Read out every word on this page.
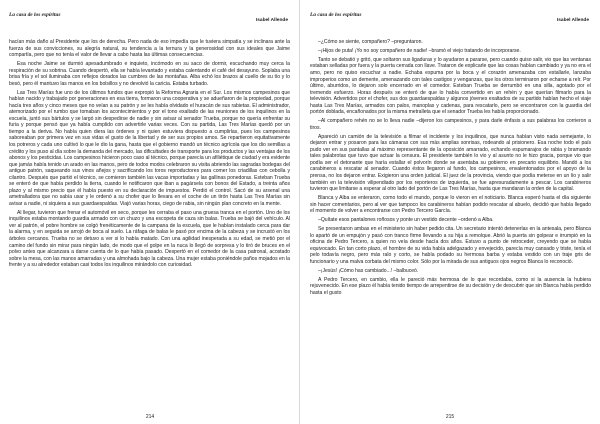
La casa de los espíritus
Isabel Allende

hacían más daño al Presidente que los de derecha. Pero nada de eso impedía que le tuviera simpatía y se inclinara ante la fuerza de sus convicciones, su alegría natural, su tendencia a la ternura y la generosidad con sus ideales que Jaime compartía, pero que no tenía el valor de llevar a cabo hasta las últimas consecuencias.

Esa noche Jaime se durmió apesadumbrado e inquieto, incómodo en su saco de dormir, escuchando muy cerca la respiración de su sobrina. Cuando despertó, ella se había levantado y estaba calentando el café del desayuno. Soplaba una brisa fría y el sol iluminaba con reflejos dorados las cumbres de las montañas. Alba echó los brazos al cuello de su tío y lo besó, pero él mantuvo las manos en los bolsillos y no devolvió la caricia. Estaba turbado.

Las Tres Marías fue uno de los últimos fundos que expropió la Reforma Agraria en el Sur. Los mismos campesinos que habían nacido y trabajado por generaciones en esa tierra, formaron una cooperativa y se adueñaron de la propiedad, porque hacía tres años y cinco meses que no veían a su patrón y se les había olvidado el huracán de sus rabietas. El administrador, atemorizado por el rumbo que tomaban los acontecimientos y por el tono exaltado de las reuniones de los inquilinos en la escuela, juntó sus bártulos y se largó sin despedirse de nadie y sin avisar al senador Trueba, porque no quería enfrentar su furia y porque pensó que ya había cumplido con advertirle varias veces. Con su partida, Las Tres Marías quedó por un tiempo a la deriva. No había quien diera las órdenes y ni quien estuviera dispuesto a cumplirlas, pues los campesinos saboreaban por primera vez en sus vidas el gusto de la libertad y de ser sus propios amos. Se repartieron equitativamente los potreros y cada uno cultivó lo que le dio la gana, hasta que el gobierno mandó un técnico agrícola que los dio semillas a crédito y los puso al día sobre la demanda del mercado, las dificultades de transporte para los productos y las ventajas de los abonos y los pesticidas. Los campesinos hicieron poco caso al técnico, porque parecía un afiliétique de ciudad y era evidente que jamás había tenido un arado en las manos, pero de todos modos celebraron su visita abriendo las sagradas bodegas del antiguo patrón, saqueando sus vinos añejos y sacrificando los toros reproductores para comer los criadillas con cebolla y cilantro. Después que partió el técnico, se comieron también las vacas importadas y las gallinas ponedoras. Esteban Trueba se enteró de que había perdido la tierra, cuando le notificaron que iban a pagársela con bonos del Estado, a treinta años plazo y al mismo precio que él había puesto en su declaración de impuestos. Perdió el control. Sacó de su arsenal una ametralladora que no sabía usar y le ordenó a su chofer que lo llevara en el coche de un tirón hasta Las Tres Marías sin avisar a nadie, ni siquiera a sus guardaespaldas. Viajó varias horas, ciego de rabia, sin ningún plan concreto en la mente.

Al llegar, tuvieron que frenar el automóvil en seco, porque les cerraba el paso una gruesa tranca en el portón. Uno de los inquilinos estaba montando guardia armado con un chuzo y una escopeta de caza sin balas. Trueba se bajó del vehículo. Al ver al patrón, el pobre hombre se colgó frenéticamente de la campana de la escuela, que le habían instalado cerca para dar la alarma, y en seguida se arrojó de boca al suelo. La ráfaga de balas le pasó por encima de la cabeza y se incrustó en los árboles cercanos. Trueba no se detuvo a ver si lo había matado. Con una agilidad inesperada a su edad, se metió por el camino del fundo sin mirar para ningún lado, de modo que el golpe en la nuca lo llegó de sorpresa y lo tiró de bruces en el polvo antes que alcanzara a darse cuenta de lo que había pasado. Despertó en el comedor de la casa patronal, acostado sobre la mesa, con las manos amarradas y una almohada bajo la cabeza. Una mujer estaba poniéndole paños mojados en la frente y a su alrededor estaban casi todos los inquilinos mirándolo con curiosidad.

214
La casa de los espíritus
Isabel Allende

–¿Cómo se siente, compañero? –preguntaron.

–¡Hijos de puta! ¡Yo no soy compañero de nadie! –bramó el viejo tratando de incorporarse.

Tanto se debatió y gritó, que soltaron sus ligaduras y lo ayudaron a pararse, pero cuando quiso salir, vio que las ventanas estaban selladas por fuera y la puerta cerrada con llave. Trataron de explicarle que las cosas habían cambiado y ya no era el amo, pero no quiso escuchar a nadie. Echaba espuma por la boca y el corazón amenazaba con estallarle, lanzaba improperios como un demente, amenazando con tales castigos y venganzas, que los otros terminaron por echarse a reír. Por último, aburridos, lo dejaron solo encerrado en el comedor. Esteban Trueba se derrumbó en una silla, agotado por el tremendo esfuerzo. Horas después se enteró de que lo había convertido en un rehén y que querían filmarlo para la televisión. Advertidos por el chofer, sus dos guardaespaldas y algunos jóvenes exaltados de su partido habían hecho el viaje hasta Las Tres Marías, armados con palos, manoplas y cadenas, para rescatarlo, pero se encontraron con la guardia del portón doblada, encañonados por la misma metralleta que el senador Trueba les había proporcionado.

–Al compañero rehén no se lo lleva nadie –dijeron los campesinos, y para darle énfasis a sus palabras los corrieron a tiros.

Apareció un camión de la televisión a filmar el incidente y los inquilinos, que nunca habían visto nada semejante, lo dejaron entrar y posaron para las cámaras con sus más amplias sonrisas, rodeando al prisionero. Esa noche todo el país pudo ver en sus pantallas al máximo representante de la oposición amarrado, echando espumarajos de rabia y bramando tales palabrotas que tuvo que actuar la censura. El presidente también lo vio y al asunto no le hizo gracia, porque vio que podía ser el detonante que haría estallar el polvorín donde se asentaba su gobierno en precario equilibrio. Mandó a los carabineros a rescatar al senador. Cuando éstos llegaron al fundo, los campesinos, envalentonados por el apoyo de la prensa, no los dejaron entrar. Exigieron una orden judicial. El juez de la provincia, viendo que podía meterse en un lío y salir también en la televisión vilipendiado por los reporteros de izquierda, se fue apresuradamente a pescar. Los carabineros tuvieron que limitarse a esperar al otro lado del portón de Las Tres Marías, hasta que mandaran la orden de la capital.

Blanca y Alba se enteraron, como todo el mundo, porque lo vieron en el noticiario. Blanca esperó hasta el día siguiente sin hacer comentarios, pero al ver que tampoco los carabineros habían podido rescatar al abuelo, decidió que había llegado el momento de volver a encontrarse con Pedro Tercero García.

–Quítate esos pantalones roñosos y ponte un vestido decente –ordenó a Alba.

Se presentaron ambas en el ministerio sin haber pedido cita. Un secretario intentó detenerlas en la antesala, pero Blanca lo apartó de un empujón y pasó con tranco firme llevando a su hija a remolque. Abrió la puerta sin golpear e irrumpió en la oficina de Pedro Tercero, a quien no veía desde hacía dos años. Estuvo a punto de retroceder, creyendo que se había equivocado. En tan corto plazo, el hombre de su vida había adelgazado y envejecido, parecía muy cansado y triste, tenía el pelo todavía negro, pero más ralo y corto, se había podado su hermosa barba y estaba vestido con un traje gris de funcionario y una malva corbata del mismo color. Sólo por la mirada de sus antiguos ojos negros Blanca lo reconoció.

–¡Jesús! ¡Cómo has cambiado...! –balbuceó.

A Pedro Tercero, en cambio, ella le pareció más hermosa de lo que recordaba, como si la ausencia la hubiera rejuvenecido. En ese plazo él había tenido tiempo de arrepentirse de su decisión y de descubrir que sin Blanca había perdido hasta el gusto

215
